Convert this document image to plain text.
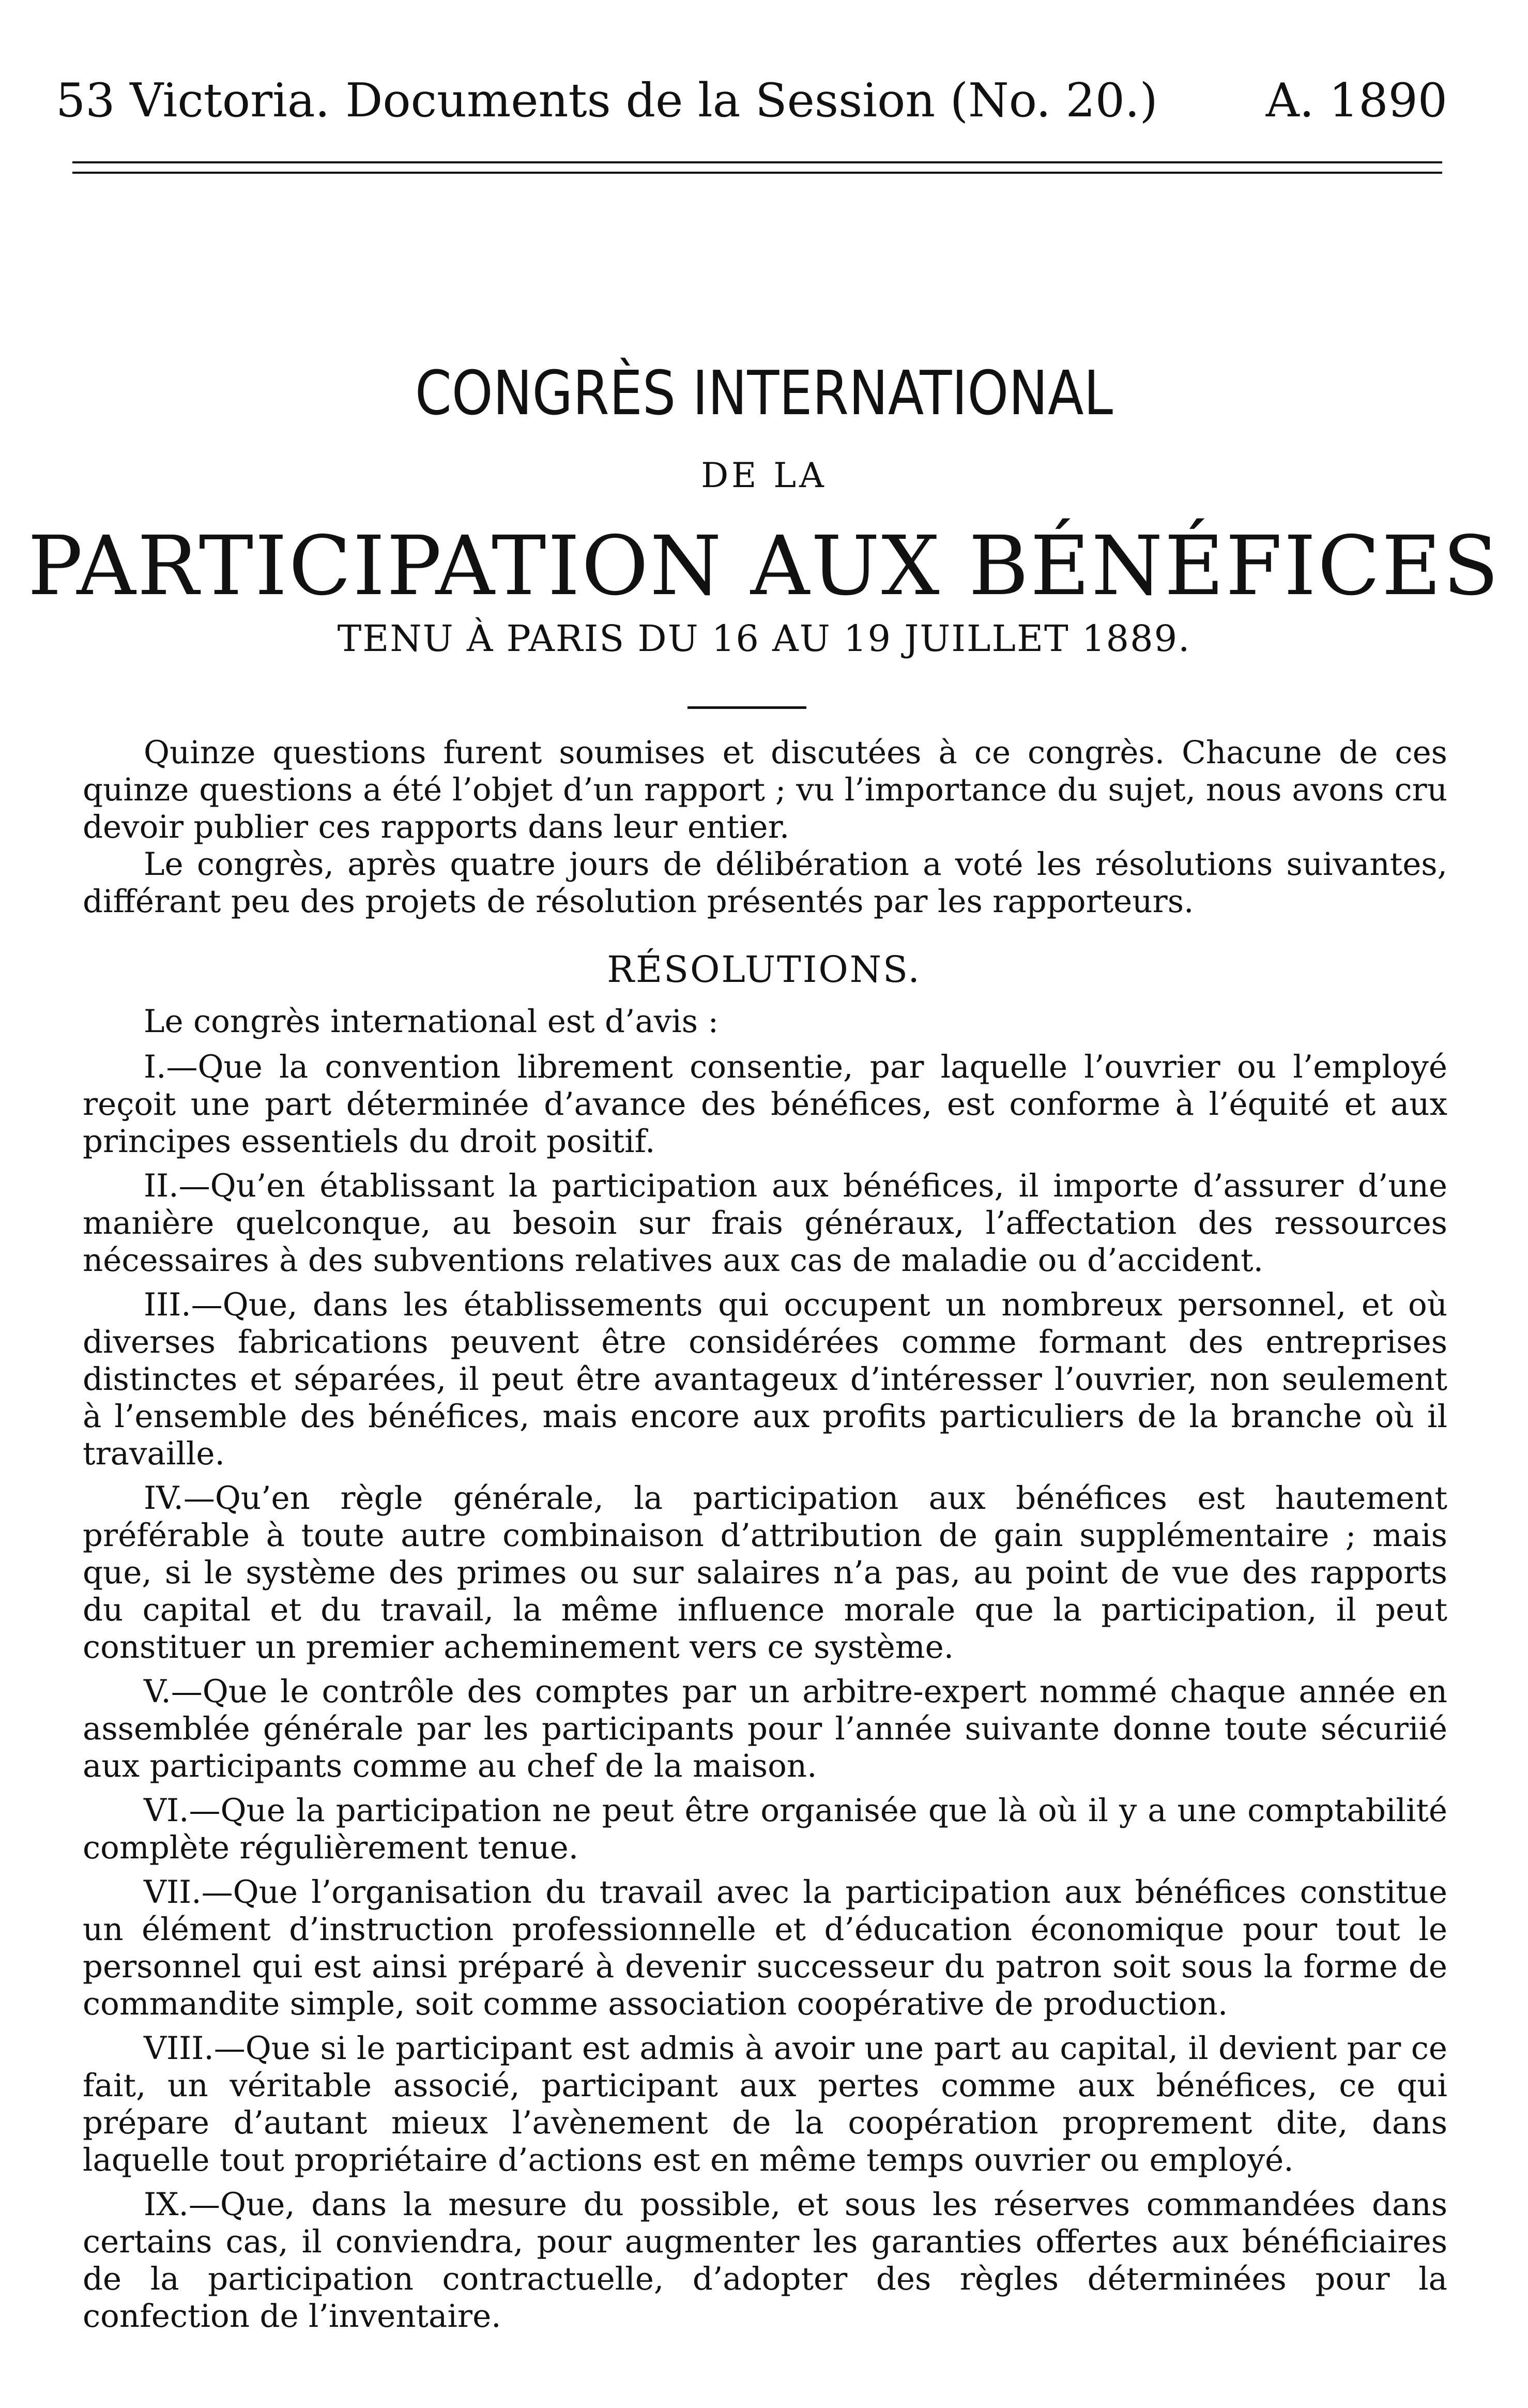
53 Victoria. Documents de la Session (No. 20.)	A. 1890
CONGRÈS INTERNATIONAL
DE LA
PARTICIPATION AUX BÉNÉFICES
TENU À PARIS DU 16 AU 19 JUILLET 1889.

Quinze questions furent soumises et discutées à ce congrès. Chacune de ces quinze questions a été l’objet d’un rapport ; vu l’importance du sujet, nous avons cru devoir publier ces rapports dans leur entier.

Le congrès, après quatre jours de délibération a voté les résolutions suivantes, différant peu des projets de résolution présentés par les rapporteurs.

RÉSOLUTIONS.

Le congrès international est d’avis :

I.—Que la convention librement consentie, par laquelle l’ouvrier ou l’employé reçoit une part déterminée d’avance des bénéfices, est conforme à l’équité et aux principes essentiels du droit positif.

II.—Qu’en établissant la participation aux bénéfices, il importe d’assurer d’une manière quelconque, au besoin sur frais généraux, l’affectation des ressources nécessaires à des subventions relatives aux cas de maladie ou d’accident.

III.—Que, dans les établissements qui occupent un nombreux personnel, et où diverses fabrications peuvent être considérées comme formant des entreprises distinctes et séparées, il peut être avantageux d’intéresser l’ouvrier, non seulement à l’ensemble des bénéfices, mais encore aux profits particuliers de la branche où il travaille.

IV.—Qu’en règle générale, la participation aux bénéfices est hautement préférable à toute autre combinaison d’attribution de gain supplémentaire ; mais que, si le système des primes ou sur salaires n’a pas, au point de vue des rapports du capital et du travail, la même influence morale que la participation, il peut constituer un premier acheminement vers ce système.

V.—Que le contrôle des comptes par un arbitre-expert nommé chaque année en assemblée générale par les participants pour l’année suivante donne toute sécuriié aux participants comme au chef de la maison.

VI.—Que la participation ne peut être organisée que là où il y a une comptabilité complète régulièrement tenue.

VII.—Que l’organisation du travail avec la participation aux bénéfices constitue un élément d’instruction professionnelle et d’éducation économique pour tout le personnel qui est ainsi préparé à devenir successeur du patron soit sous la forme de commandite simple, soit comme association coopérative de production.

VIII.—Que si le participant est admis à avoir une part au capital, il devient par ce fait, un véritable associé, participant aux pertes comme aux bénéfices, ce qui prépare d’autant mieux l’avènement de la coopération proprement dite, dans laquelle tout propriétaire d’actions est en même temps ouvrier ou employé.

IX.—Que, dans la mesure du possible, et sous les réserves commandées dans certains cas, il conviendra, pour augmenter les garanties offertes aux bénéficiaires de la participation contractuelle, d’adopter des règles déterminées pour la confection de l’inventaire.
